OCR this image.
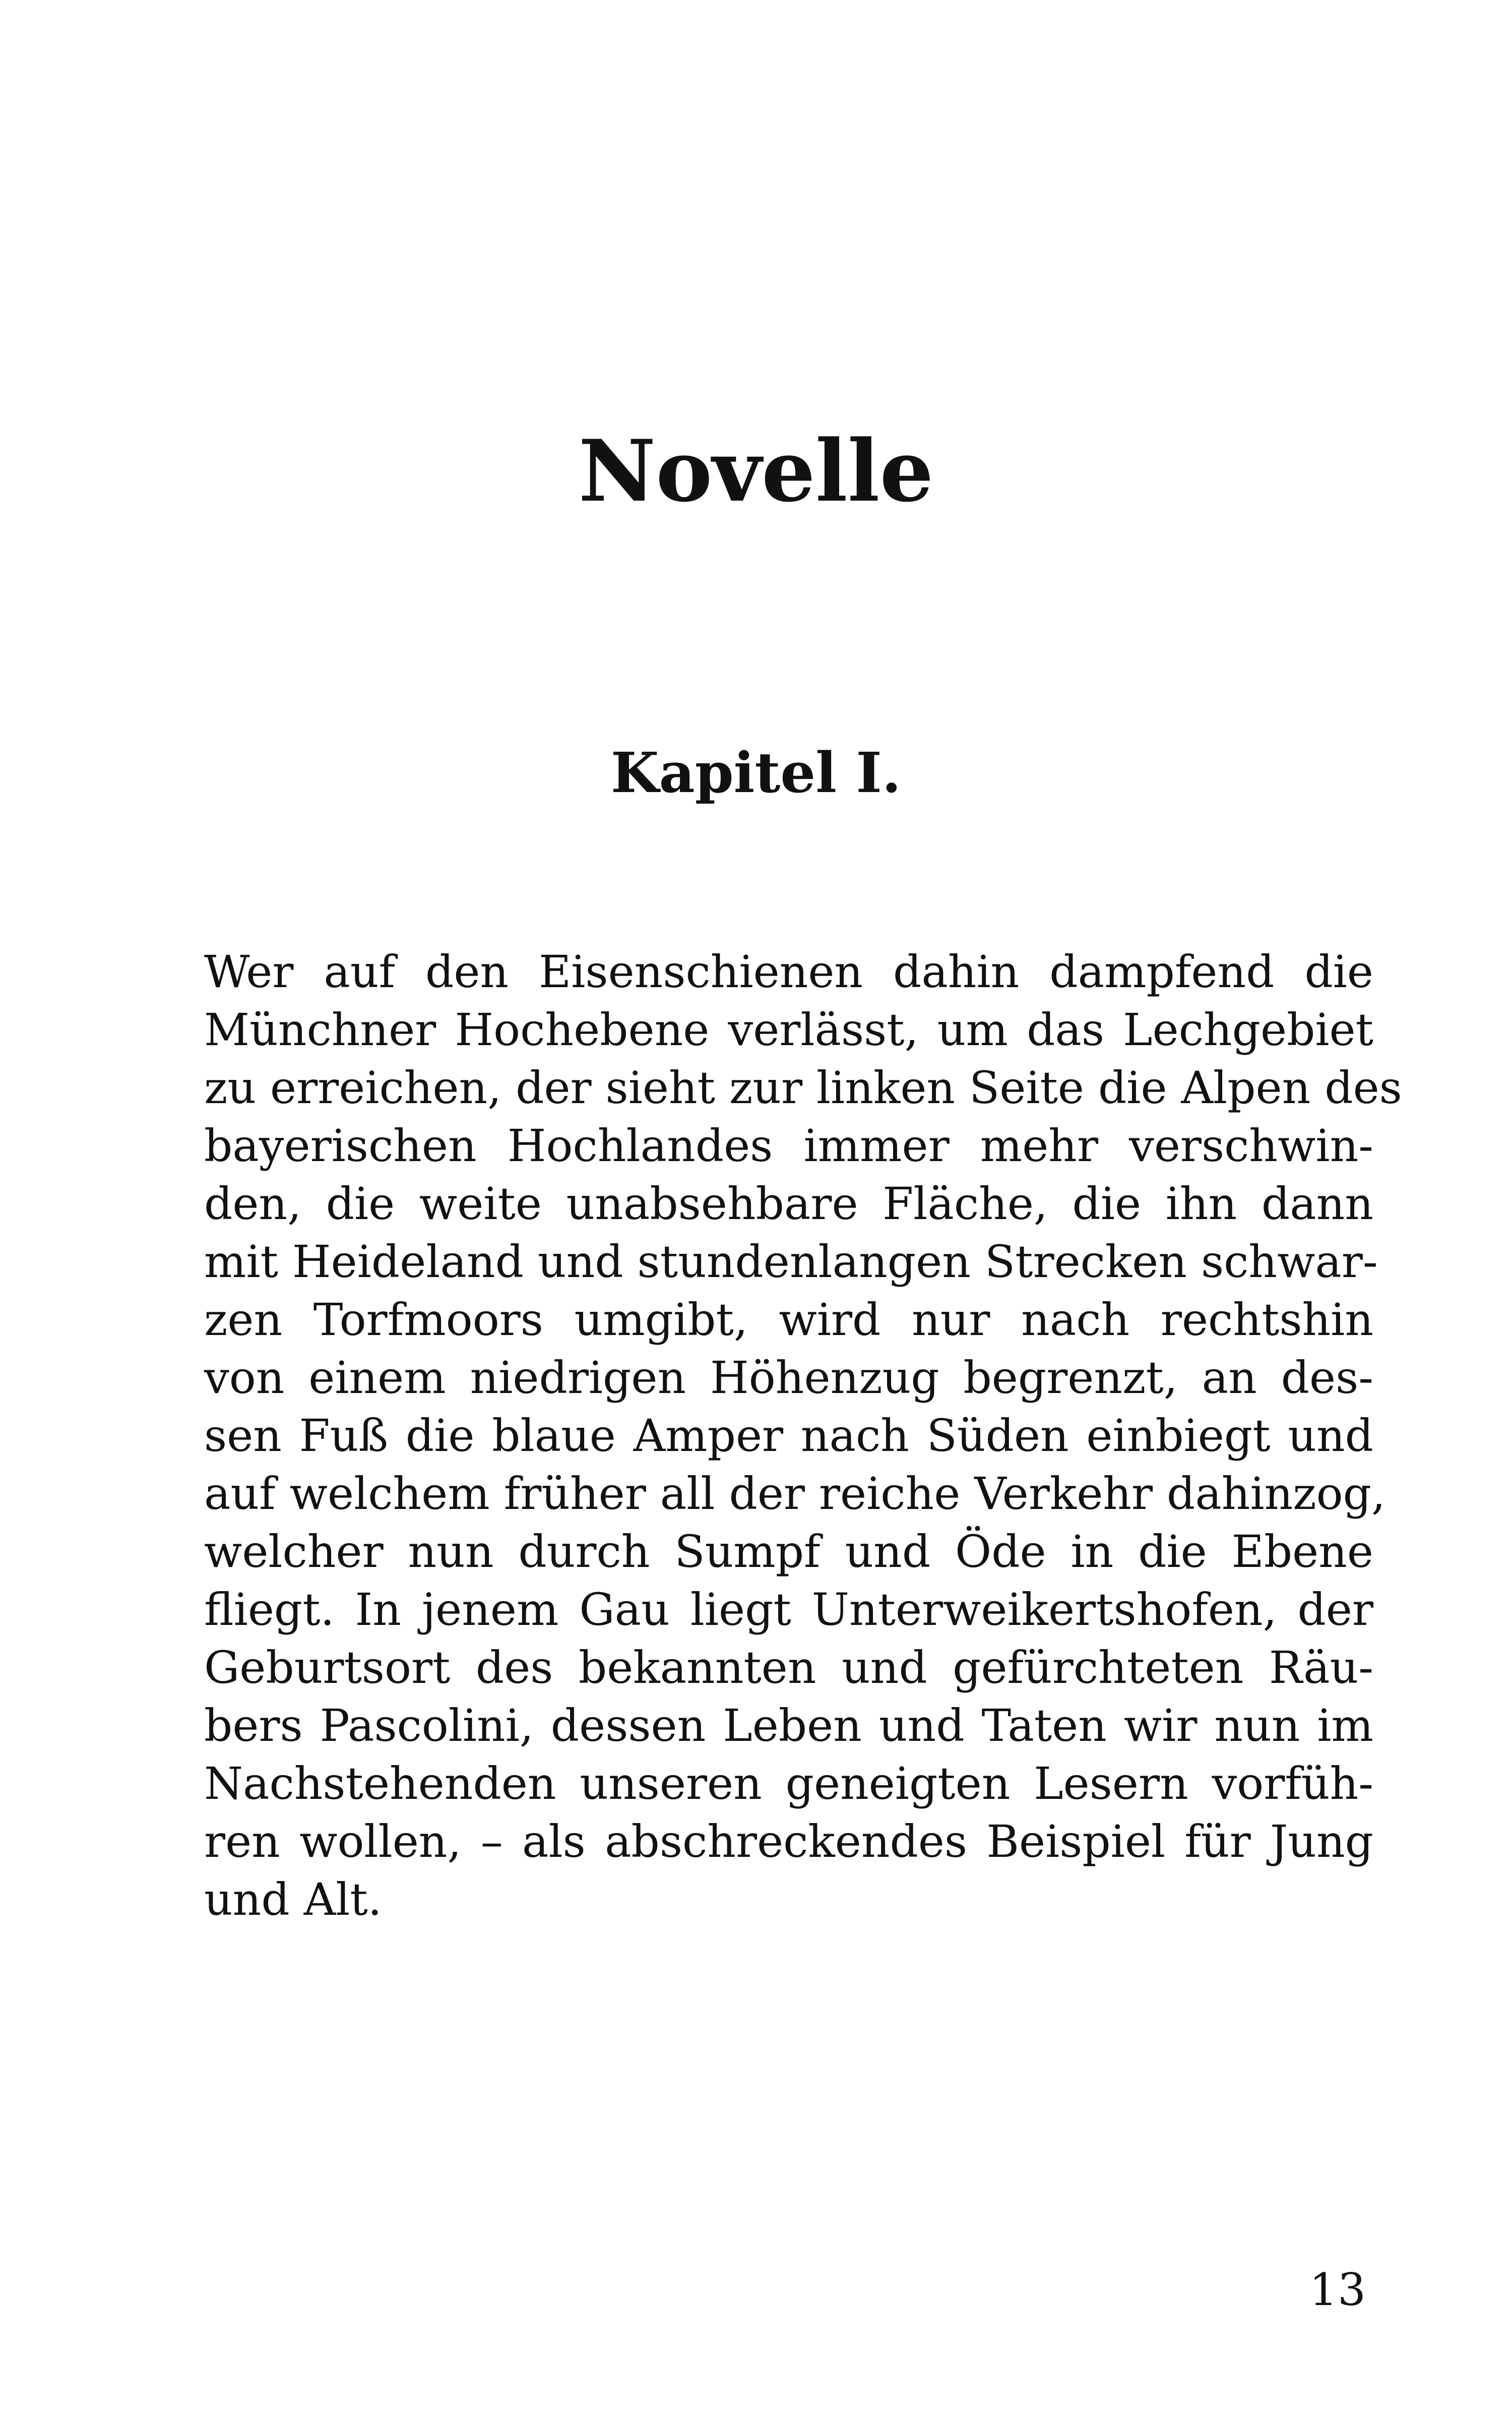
Novelle
Kapitel I.
Wer auf den Eisenschienen dahin dampfend die
Münchner Hochebene verlässt, um das Lechgebiet
zu erreichen, der sieht zur linken Seite die Alpen des
bayerischen Hochlandes immer mehr verschwin-
den, die weite unabsehbare Fläche, die ihn dann
mit Heideland und stundenlangen Strecken schwar-
zen Torfmoors umgibt, wird nur nach rechtshin
von einem niedrigen Höhenzug begrenzt, an des-
sen Fuß die blaue Amper nach Süden einbiegt und
auf welchem früher all der reiche Verkehr dahinzog,
welcher nun durch Sumpf und Öde in die Ebene
fliegt. In jenem Gau liegt Unterweikertshofen, der
Geburtsort des bekannten und gefürchteten Räu-
bers Pascolini, dessen Leben und Taten wir nun im
Nachstehenden unseren geneigten Lesern vorfüh-
ren wollen, – als abschreckendes Beispiel für Jung
und Alt.
13
